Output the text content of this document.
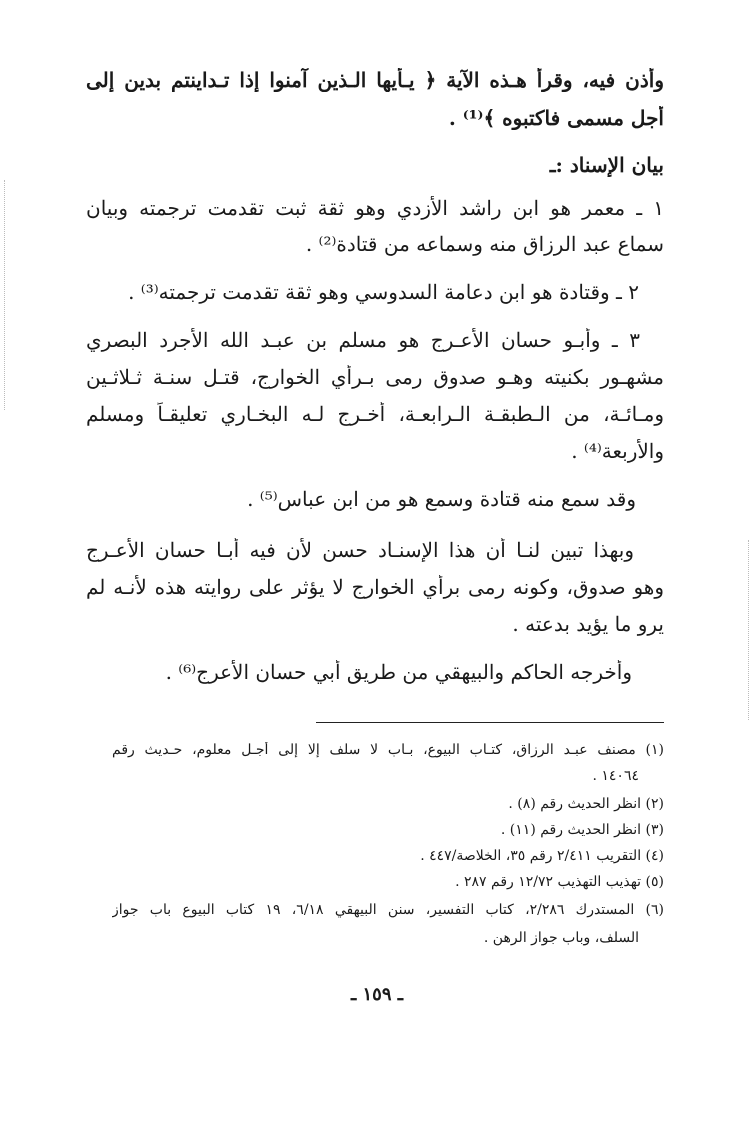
وأذن فيه، وقرأ هـذه الآية ﴿ يـأيها الـذين آمنوا إذا تـداينتم بدين إلى
أجل مسمى فاكتبوه ﴾⁽¹⁾ .
بيان الإسناد :ـ
١ ـ معمر هو ابن راشد الأزدي وهو ثقة ثبت تقدمت ترجمته وبيان
سماع عبد الرزاق منه وسماعه من قتادة⁽²⁾ .
٢ ـ وقتادة هو ابن دعامة السدوسي وهو ثقة تقدمت ترجمته⁽³⁾ .
٣ ـ وأبـو حسان الأعـرج هو مسلم بن عبـد الله الأجرد البصري
مشهـور بكنيته وهـو صدوق رمى بـرأي الخوارج، قتـل سنـة ثـلاثـين
ومـائـة، من الـطبقـة الـرابعـة، أخـرج لـه البخـاري تعليقـاً ومسلم
والأربعة⁽⁴⁾ .
وقد سمع منه قتادة وسمع هو من ابن عباس⁽⁵⁾ .
وبهذا تبين لنـا أن هذا الإسنـاد حسن لأن فيه أبـا حسان الأعـرج
وهو صدوق، وكونه رمى برأي الخوارج لا يؤثر على روايته هذه لأنـه لم
يرو ما يؤيد بدعته .
وأخرجه الحاكم والبيهقي من طريق أبي حسان الأعرج⁽⁶⁾ .
(١) مصنف عبـد الرزاق، كتـاب البيوع، بـاب لا سلف إلا إلى أجـل معلوم، حـديث رقم
١٤٠٦٤ .
(٢) انظر الحديث رقم (٨) .
(٣) انظر الحديث رقم (١١) .
(٤) التقريب ٢/٤١١ رقم ٣٥، الخلاصة/٤٤٧ .
(٥) تهذيب التهذيب ١٢/٧٢ رقم ٢٨٧ .
(٦) المستدرك ٢/٢٨٦، كتاب التفسير، سنن البيهقي ٦/١٨، ١٩ كتاب البيوع باب جواز
السلف، وباب جواز الرهن .
ـ ١٥٩ ـ
